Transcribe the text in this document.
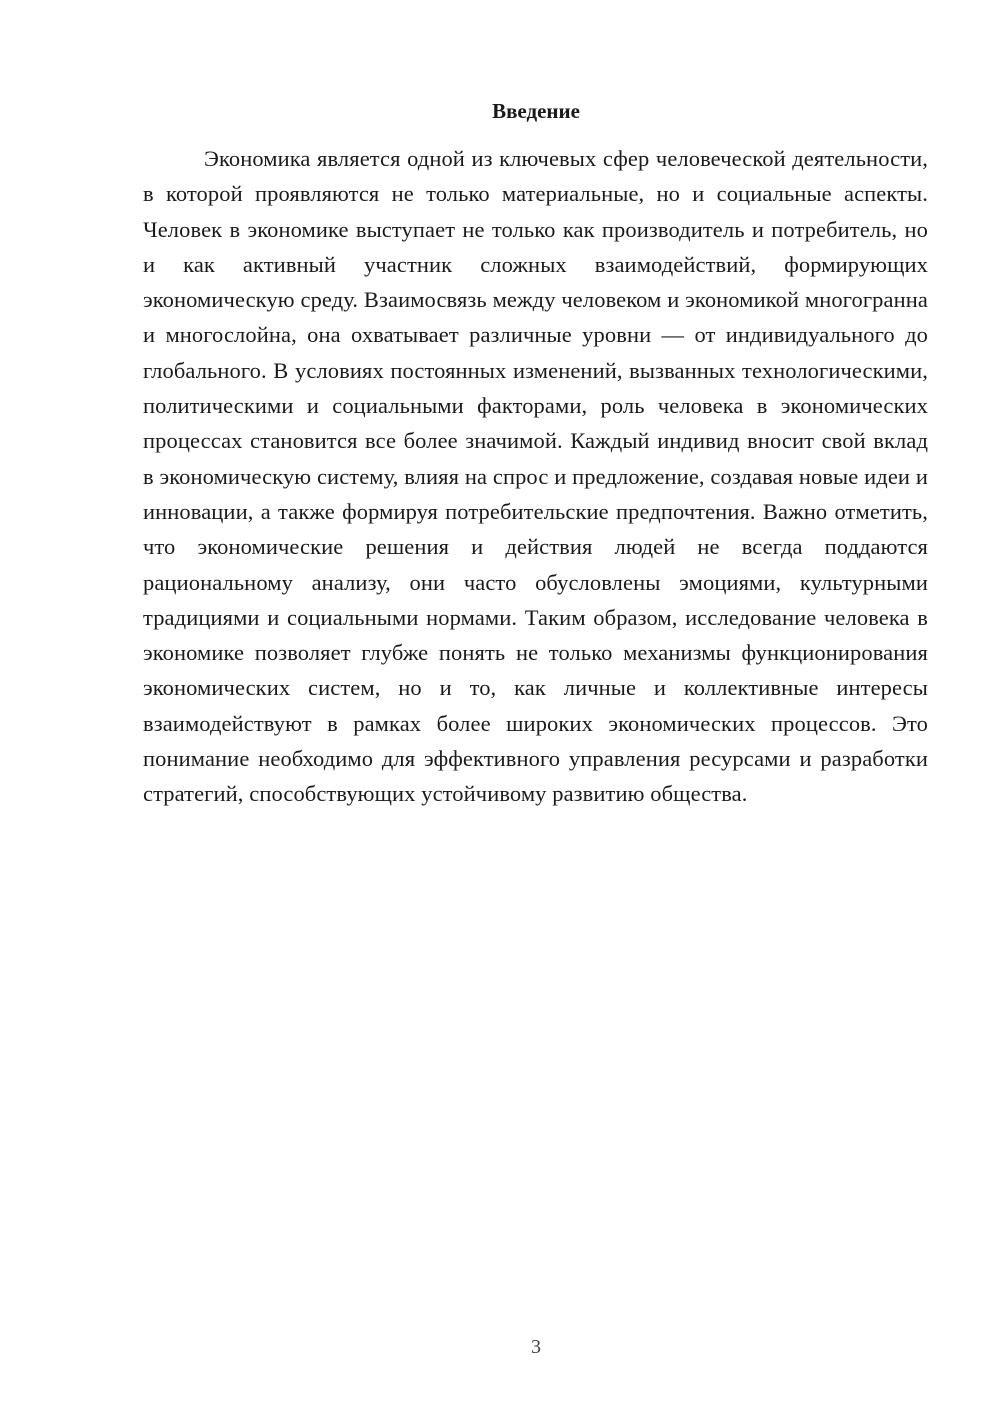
Введение

Экономика является одной из ключевых сфер человеческой деятельности, в которой проявляются не только материальные, но и социальные аспекты. Человек в экономике выступает не только как производитель и потребитель, но и как активный участник сложных взаимодействий, формирующих экономическую среду. Взаимосвязь между человеком и экономикой многогранна и многослойна, она охватывает различные уровни — от индивидуального до глобального. В условиях постоянных изменений, вызванных технологическими, политическими и социальными факторами, роль человека в экономических процессах становится все более значимой. Каждый индивид вносит свой вклад в экономическую систему, влияя на спрос и предложение, создавая новые идеи и инновации, а также формируя потребительские предпочтения. Важно отметить, что экономические решения и действия людей не всегда поддаются рациональному анализу, они часто обусловлены эмоциями, культурными традициями и социальными нормами. Таким образом, исследование человека в экономике позволяет глубже понять не только механизмы функционирования экономических систем, но и то, как личные и коллективные интересы взаимодействуют в рамках более широких экономических процессов. Это понимание необходимо для эффективного управления ресурсами и разработки стратегий, способствующих устойчивому развитию общества.

3
